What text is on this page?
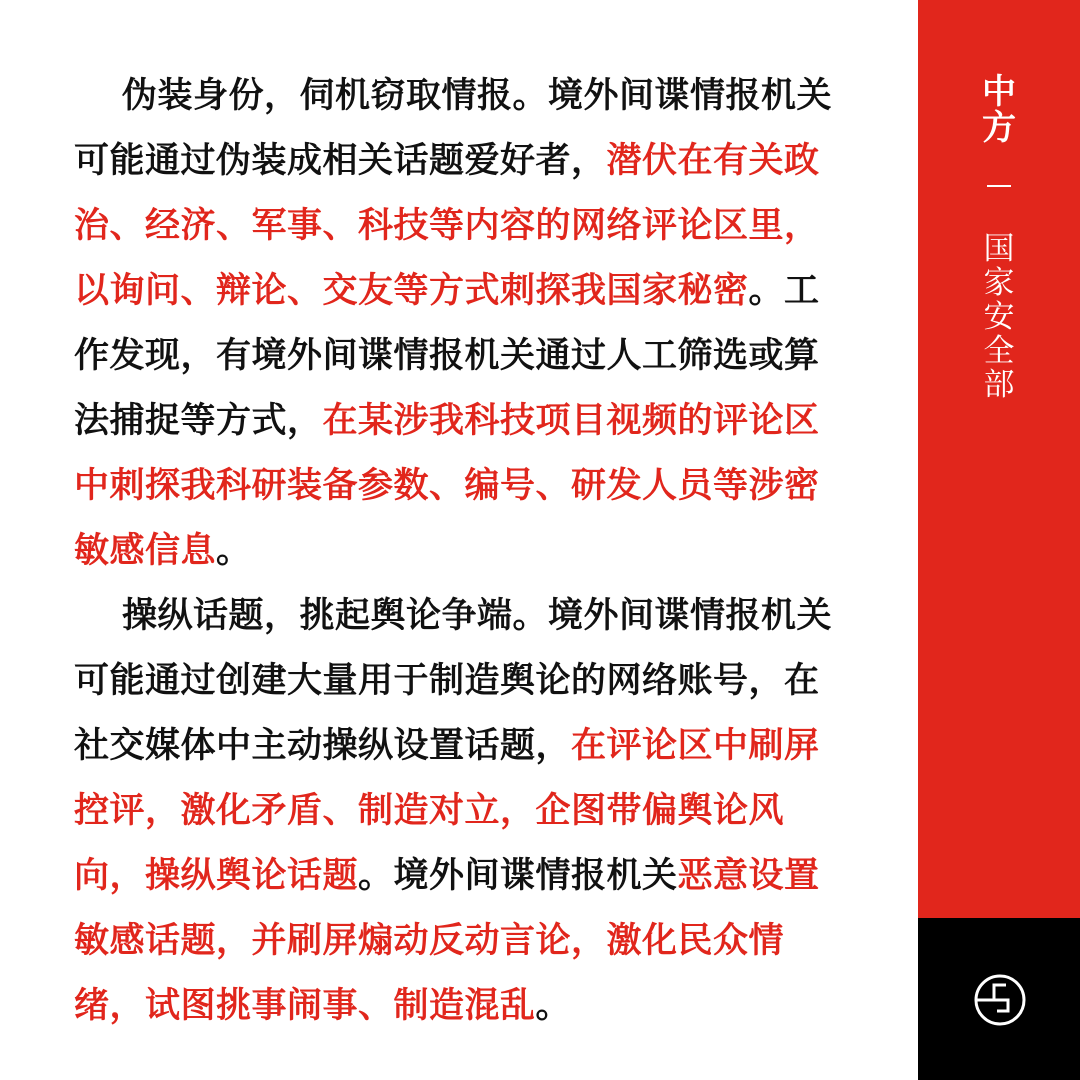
伪装身份，伺机窃取情报。境外间谍情报机关可能通过伪装成相关话题爱好者，潜伏在有关政治、经济、军事、科技等内容的网络评论区里，以询问、辩论、交友等方式刺探我国家秘密。工作发现，有境外间谍情报机关通过人工筛选或算法捕捉等方式，在某涉我科技项目视频的评论区中刺探我科研装备参数、编号、研发人员等涉密敏感信息。

操纵话题，挑起舆论争端。境外间谍情报机关可能通过创建大量用于制造舆论的网络账号，在社交媒体中主动操纵设置话题，在评论区中刷屏控评，激化矛盾、制造对立，企图带偏舆论风向，操纵舆论话题。境外间谍情报机关恶意设置敏感话题，并刷屏煽动反动言论，激化民众情绪，试图挑事闹事、制造混乱。

中
方
国
家
安
全
部
